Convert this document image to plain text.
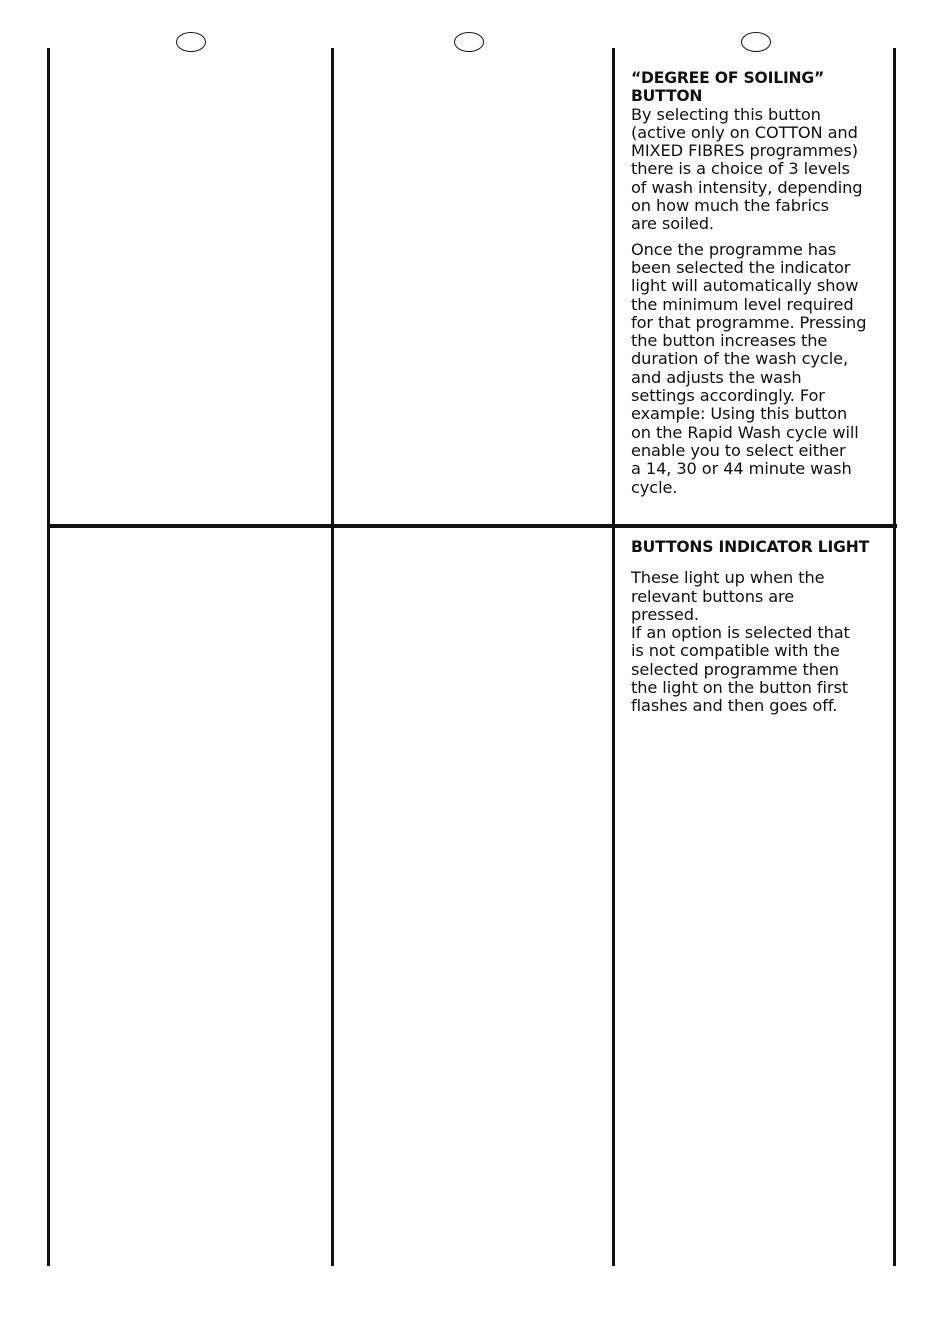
“DEGREE OF SOILING”
BUTTON

By selecting this button
(active only on COTTON and
MIXED FIBRES programmes)
there is a choice of 3 levels
of wash intensity, depending
on how much the fabrics
are soiled.

Once the programme has
been selected the indicator
light will automatically show
the minimum level required
for that programme. Pressing
the button increases the
duration of the wash cycle,
and adjusts the wash
settings accordingly. For
example: Using this button
on the Rapid Wash cycle will
enable you to select either
a 14, 30 or 44 minute wash
cycle.

BUTTONS INDICATOR LIGHT

These light up when the
relevant buttons are
pressed.
If an option is selected that
is not compatible with the
selected programme then
the light on the button first
flashes and then goes off.
